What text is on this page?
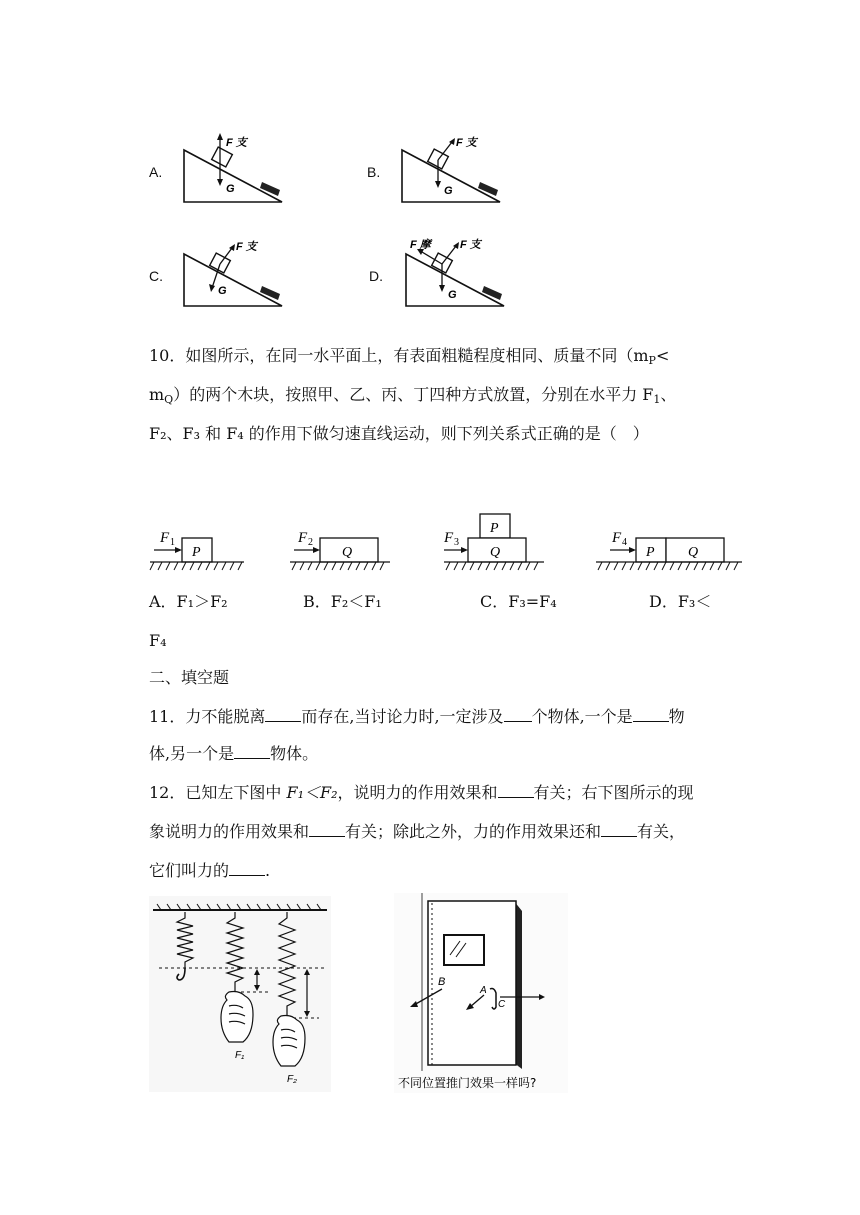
A.	B.
C.	D.
F 支
G
F 支
G
F 支
G
F 摩	F 支
G
10．如图所示，在同一水平面上，有表面粗糙程度相同、质量不同（$m_P<$
$m_Q$）的两个木块，按照甲、乙、丙、丁四种方式放置，分别在水平力 $F_1$、
F₂、F₃ 和 F₄ 的作用下做匀速直线运动，则下列关系式正确的是（　）
F 1
P
F 2
Q
F 3
P
Q
F 4
P Q
A．F₁＞F₂	B．F₂＜F₁	C．F₃=F₄	D．F₃＜
F₄
二、填空题
11．力不能脱离 而存在,当讨论力时,一定涉及 个物体,一个是 物
体,另一个是 物体。
12．已知左下图中 F₁＜F₂，说明力的作用效果和 有关；右下图所示的现
象说明力的作用效果和 有关；除此之外，力的作用效果还和 有关，
它们叫力的 .
F₁
F₂
B
A
C
不同位置推门效果一样吗?
